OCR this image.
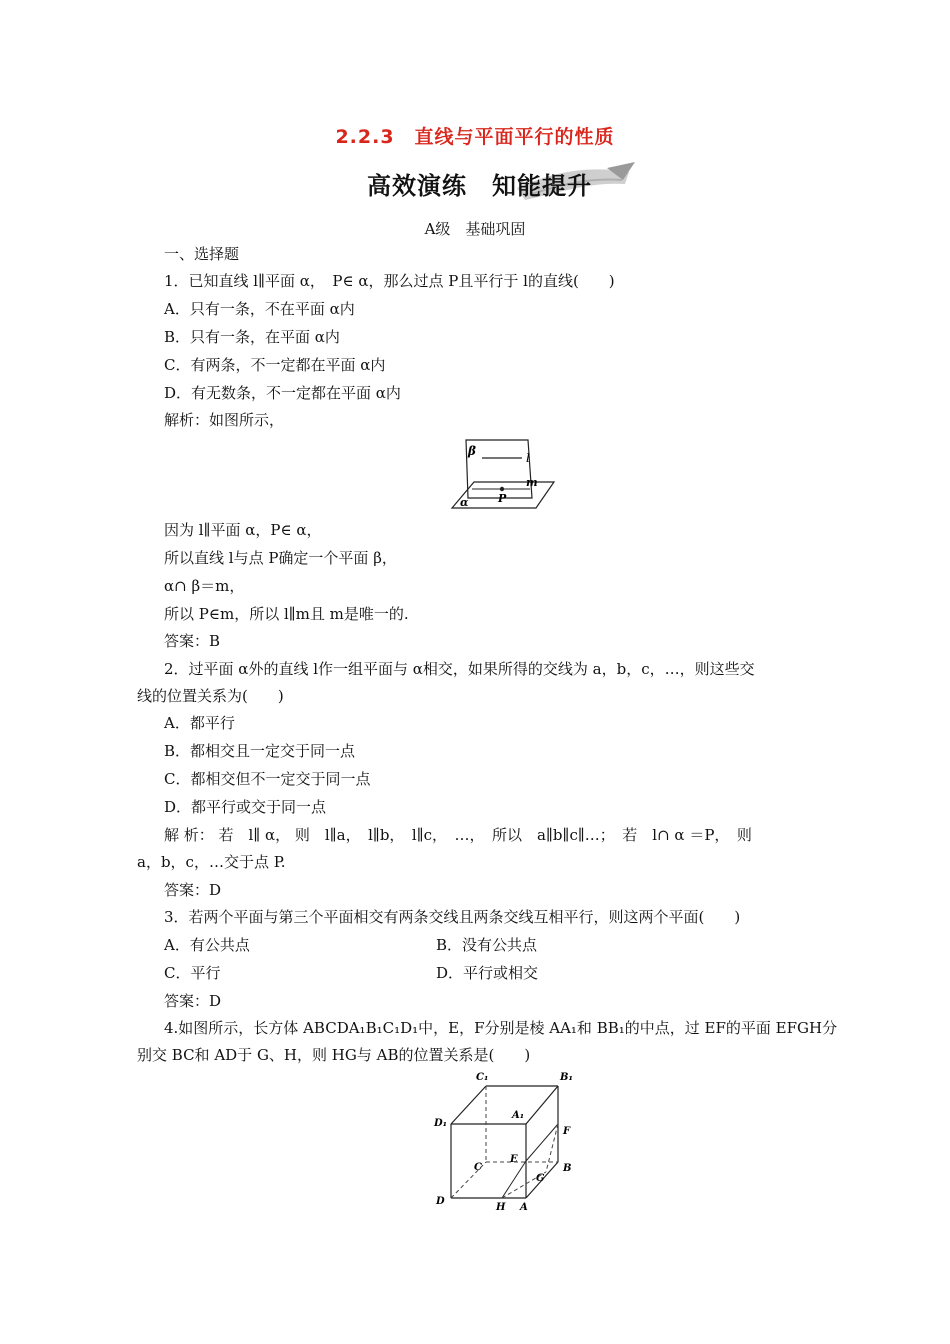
2.2.3　直线与平面平行的性质
高效演练　知能提升
A级　基础巩固
一、选择题
1．已知直线 l∥平面 α，　P∈ α，那么过点 P且平行于 l的直线(　　)
A．只有一条，不在平面 α内
B．只有一条，在平面 α内
C．有两条，不一定都在平面 α内
D．有无数条，不一定都在平面 α内
解析：如图所示，
β	l
m
P
α
因为 l∥平面 α，P∈ α，
所以直线 l与点 P确定一个平面 β，
α∩ β＝m，
所以 P∈m，所以 l∥m且 m是唯一的.
答案：B
2．过平面 α外的直线 l作一组平面与 α相交，如果所得的交线为 a，b，c，…，则这些交
线的位置关系为(　　)
A．都平行
B．都相交且一定交于同一点
C．都相交但不一定交于同一点
D．都平行或交于同一点
解 析： 若　l∥ α， 则　l∥a，　l∥b，　l∥c，　…，　所以　a∥b∥c∥…；　若　l∩ α ＝P，　则
a，b，c，…交于点 P.
答案：D
3．若两个平面与第三个平面相交有两条交线且两条交线互相平行，则这两个平面(　　)
A．有公共点	B．没有公共点
C．平行	D．平行或相交
答案：D
4.如图所示，长方体 ABCDA₁B₁C₁D₁中，E，F分别是棱 AA₁和 BB₁的中点，过 EF的平面 EFGH分
别交 BC和 AD于 G、H，则 HG与 AB的位置关系是(　　)
C₁	B₁
A₁
D₁
F
E
C	B
G
D
H A
